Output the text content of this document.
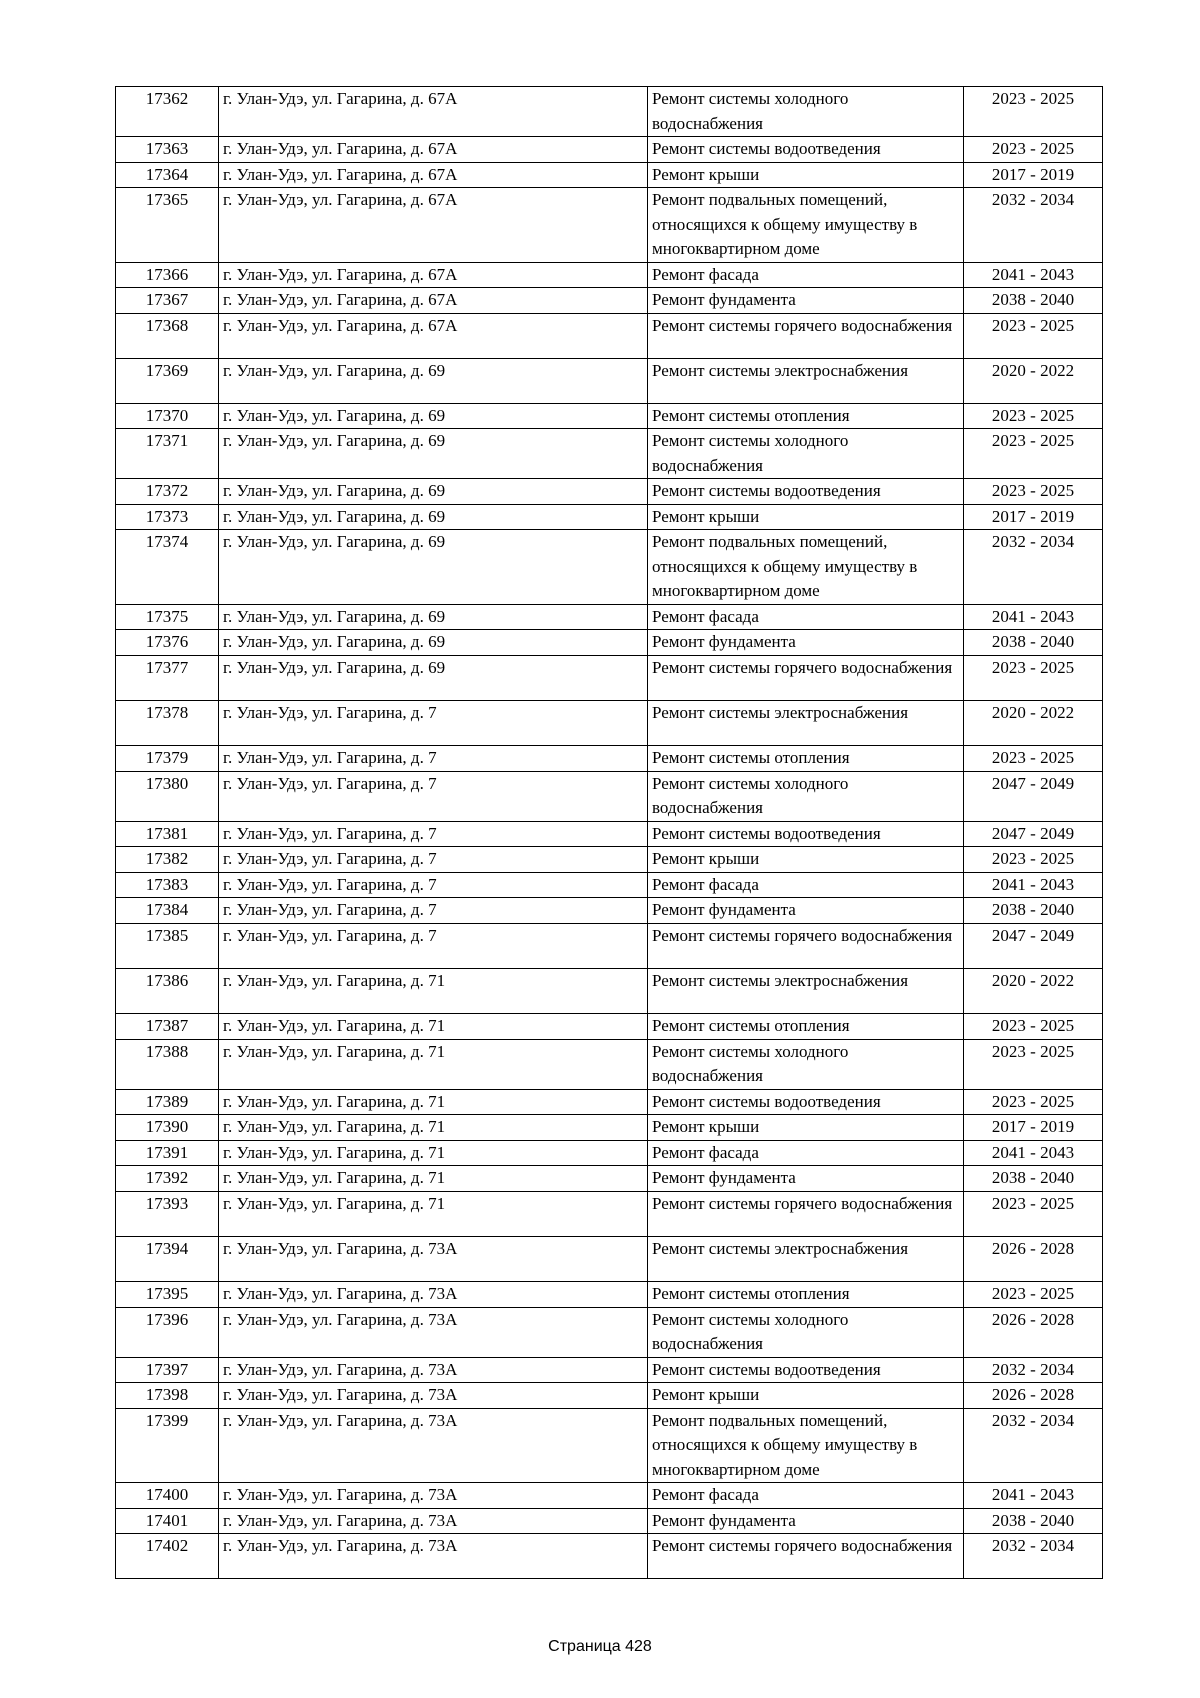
17362	г. Улан-Удэ, ул. Гагарина, д. 67А	Ремонт системы холодного водоснабжения	2023 - 2025
17363	г. Улан-Удэ, ул. Гагарина, д. 67А	Ремонт системы водоотведения	2023 - 2025
17364	г. Улан-Удэ, ул. Гагарина, д. 67А	Ремонт крыши	2017 - 2019
17365	г. Улан-Удэ, ул. Гагарина, д. 67А	Ремонт подвальных помещений, относящихся к общему имуществу в многоквартирном доме	2032 - 2034
17366	г. Улан-Удэ, ул. Гагарина, д. 67А	Ремонт фасада	2041 - 2043
17367	г. Улан-Удэ, ул. Гагарина, д. 67А	Ремонт фундамента	2038 - 2040
17368	г. Улан-Удэ, ул. Гагарина, д. 67А	Ремонт системы горячего водоснабжения	2023 - 2025
17369	г. Улан-Удэ, ул. Гагарина, д. 69	Ремонт системы электроснабжения	2020 - 2022
17370	г. Улан-Удэ, ул. Гагарина, д. 69	Ремонт системы отопления	2023 - 2025
17371	г. Улан-Удэ, ул. Гагарина, д. 69	Ремонт системы холодного водоснабжения	2023 - 2025
17372	г. Улан-Удэ, ул. Гагарина, д. 69	Ремонт системы водоотведения	2023 - 2025
17373	г. Улан-Удэ, ул. Гагарина, д. 69	Ремонт крыши	2017 - 2019
17374	г. Улан-Удэ, ул. Гагарина, д. 69	Ремонт подвальных помещений, относящихся к общему имуществу в многоквартирном доме	2032 - 2034
17375	г. Улан-Удэ, ул. Гагарина, д. 69	Ремонт фасада	2041 - 2043
17376	г. Улан-Удэ, ул. Гагарина, д. 69	Ремонт фундамента	2038 - 2040
17377	г. Улан-Удэ, ул. Гагарина, д. 69	Ремонт системы горячего водоснабжения	2023 - 2025
17378	г. Улан-Удэ, ул. Гагарина, д. 7	Ремонт системы электроснабжения	2020 - 2022
17379	г. Улан-Удэ, ул. Гагарина, д. 7	Ремонт системы отопления	2023 - 2025
17380	г. Улан-Удэ, ул. Гагарина, д. 7	Ремонт системы холодного водоснабжения	2047 - 2049
17381	г. Улан-Удэ, ул. Гагарина, д. 7	Ремонт системы водоотведения	2047 - 2049
17382	г. Улан-Удэ, ул. Гагарина, д. 7	Ремонт крыши	2023 - 2025
17383	г. Улан-Удэ, ул. Гагарина, д. 7	Ремонт фасада	2041 - 2043
17384	г. Улан-Удэ, ул. Гагарина, д. 7	Ремонт фундамента	2038 - 2040
17385	г. Улан-Удэ, ул. Гагарина, д. 7	Ремонт системы горячего водоснабжения	2047 - 2049
17386	г. Улан-Удэ, ул. Гагарина, д. 71	Ремонт системы электроснабжения	2020 - 2022
17387	г. Улан-Удэ, ул. Гагарина, д. 71	Ремонт системы отопления	2023 - 2025
17388	г. Улан-Удэ, ул. Гагарина, д. 71	Ремонт системы холодного водоснабжения	2023 - 2025
17389	г. Улан-Удэ, ул. Гагарина, д. 71	Ремонт системы водоотведения	2023 - 2025
17390	г. Улан-Удэ, ул. Гагарина, д. 71	Ремонт крыши	2017 - 2019
17391	г. Улан-Удэ, ул. Гагарина, д. 71	Ремонт фасада	2041 - 2043
17392	г. Улан-Удэ, ул. Гагарина, д. 71	Ремонт фундамента	2038 - 2040
17393	г. Улан-Удэ, ул. Гагарина, д. 71	Ремонт системы горячего водоснабжения	2023 - 2025
17394	г. Улан-Удэ, ул. Гагарина, д. 73А	Ремонт системы электроснабжения	2026 - 2028
17395	г. Улан-Удэ, ул. Гагарина, д. 73А	Ремонт системы отопления	2023 - 2025
17396	г. Улан-Удэ, ул. Гагарина, д. 73А	Ремонт системы холодного водоснабжения	2026 - 2028
17397	г. Улан-Удэ, ул. Гагарина, д. 73А	Ремонт системы водоотведения	2032 - 2034
17398	г. Улан-Удэ, ул. Гагарина, д. 73А	Ремонт крыши	2026 - 2028
17399	г. Улан-Удэ, ул. Гагарина, д. 73А	Ремонт подвальных помещений, относящихся к общему имуществу в многоквартирном доме	2032 - 2034
17400	г. Улан-Удэ, ул. Гагарина, д. 73А	Ремонт фасада	2041 - 2043
17401	г. Улан-Удэ, ул. Гагарина, д. 73А	Ремонт фундамента	2038 - 2040
17402	г. Улан-Удэ, ул. Гагарина, д. 73А	Ремонт системы горячего водоснабжения	2032 - 2034
Страница 428
